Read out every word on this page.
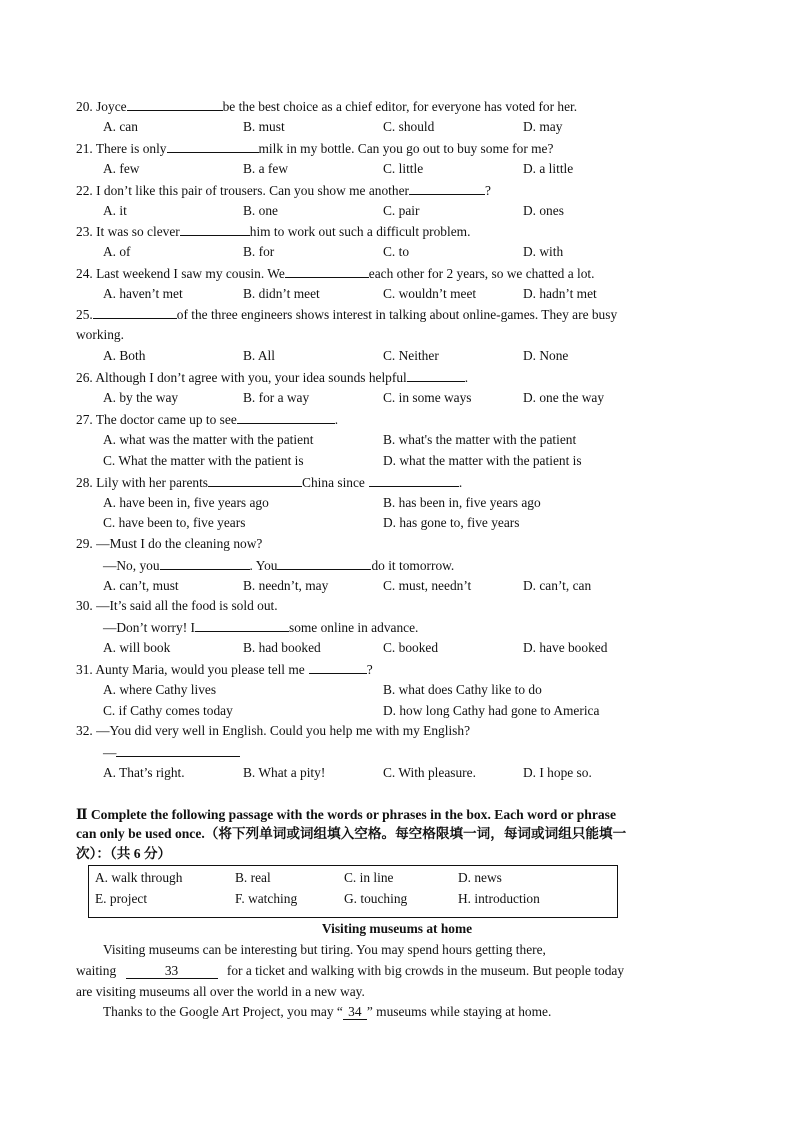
20. Joyce	be the best choice as a chief editor, for everyone has voted for her.
A. can	B. must	C. should	D. may
21. There is only	milk in my bottle. Can you go out to buy some for me?
A. few	B. a few	C. little	D. a little
22. I don’t like this pair of trousers. Can you show me another	?
A. it	B. one	C. pair	D. ones
23. It was so clever	him to work out such a difficult problem.
A. of	B. for	C. to	D. with
24. Last weekend I saw my cousin. We	each other for 2 years, so we chatted a lot.
A. haven’t met	B. didn’t meet	C. wouldn’t meet	D. hadn’t met
25.	of the three engineers shows interest in talking about online-games. They are busy
working.
A. Both	B. All	C. Neither	D. None
26. Although I don’t agree with you, your idea sounds helpful	.
A. by the way	B. for a way	C. in some ways	D. one the way
27. The doctor came up to see	.
A. what was the matter with the patient	B. what's the matter with the patient
C. What the matter with the patient is	D. what the matter with the patient is
28. Lily with her parents	China since	.
A. have been in, five years ago	B. has been in, five years ago
C. have been to, five years	D. has gone to, five years
29. —Must I do the cleaning now?
—No, you	. You	do it tomorrow.
A. can’t, must	B. needn’t, may	C. must, needn’t	D. can’t, can
30. —It’s said all the food is sold out.
—Don’t worry! I	some online in advance.
A. will book	B. had booked	C. booked	D. have booked
31. Aunty Maria, would you please tell me	?
A. where Cathy lives	B. what does Cathy like to do
C. if Cathy comes today	D. how long Cathy had gone to America
32. —You did very well in English. Could you help me with my English?
—
A. That’s right.	B. What a pity!	C. With pleasure.	D. I hope so.
Ⅱ Complete the following passage with the words or phrases in the box. Each word or phrase
can only be used once.（将下列单词或词组填入空格。每空格限填一词，每词或词组只能填一
次）：（共 6 分）
A. walk through	B. real	C. in line	D. news
E. project	F. watching	G. touching	H. introduction
Visiting museums at home
Visiting museums can be interesting but tiring. You may spend hours getting there,
waiting	33	for a ticket and walking with big crowds in the museum. But people today
are visiting museums all over the world in a new way.
Thanks to the Google Art Project, you may “ 34 ” museums while staying at home.
